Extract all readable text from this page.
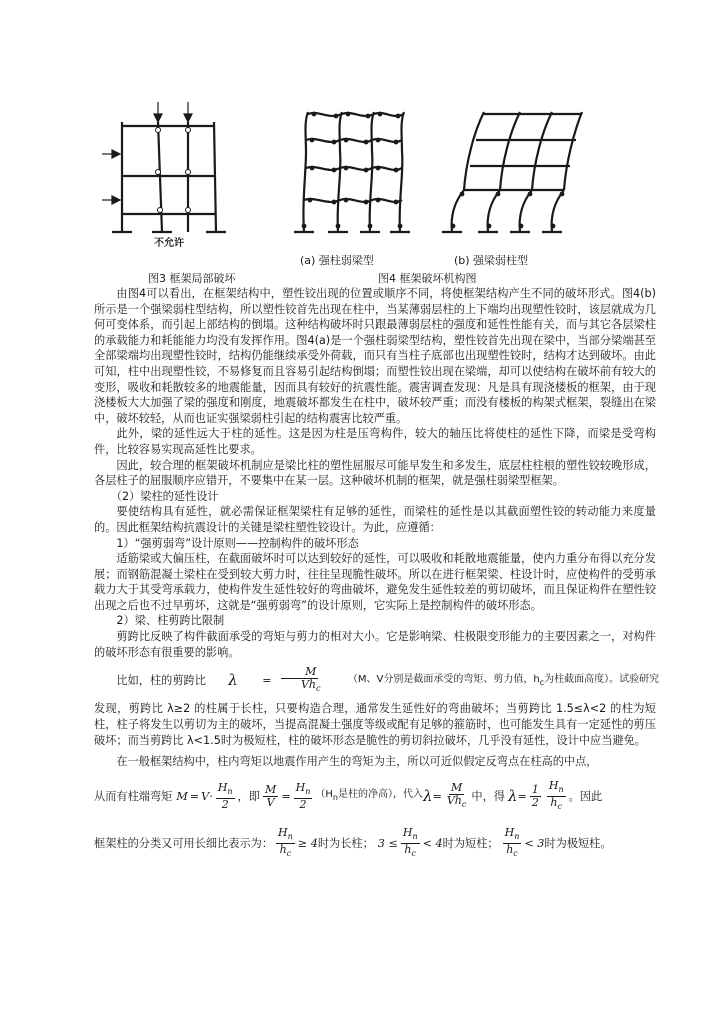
不允许
(a) 强柱弱梁型	(b) 强梁弱柱型
图3 框架局部破坏	图4 框架破坏机构图

由图4可以看出，在框架结构中，塑性铰出现的位置或顺序不同，将使框架结构产生不同的破坏形式。图4(b)所示是一个强梁弱柱型结构，所以塑性铰首先出现在柱中，当某薄弱层柱的上下端均出现塑性铰时，该层就成为几何可变体系，而引起上部结构的倒塌。这种结构破坏时只跟最薄弱层柱的强度和延性性能有关，而与其它各层梁柱的承载能力和耗能能力均没有发挥作用。图4(a)是一个强柱弱梁型结构，塑性铰首先出现在梁中，当部分梁端甚至全部梁端均出现塑性铰时，结构仍能继续承受外荷载，而只有当柱子底部也出现塑性铰时，结构才达到破坏。由此可知，柱中出现塑性铰，不易修复而且容易引起结构倒塌；而塑性铰出现在梁端，却可以使结构在破坏前有较大的变形，吸收和耗散较多的地震能量，因而具有较好的抗震性能。震害调查发现：凡是具有现浇楼板的框架，由于现浇楼板大大加强了梁的强度和刚度，地震破坏都发生在柱中，破坏较严重；而没有楼板的构架式框架，裂缝出在梁中，破坏较轻，从而也证实强梁弱柱引起的结构震害比较严重。

此外，梁的延性远大于柱的延性。这是因为柱是压弯构件，较大的轴压比将使柱的延性下降，而梁是受弯构件，比较容易实现高延性比要求。

因此，较合理的框架破坏机制应是梁比柱的塑性屈服尽可能早发生和多发生，底层柱柱根的塑性铰较晚形成，各层柱子的屈服顺序应错开，不要集中在某一层。这种破坏机制的框架，就是强柱弱梁型框架。

（2）梁柱的延性设计

要使结构具有延性，就必需保证框架梁柱有足够的延性，而梁柱的延性是以其截面塑性铰的转动能力来度量的。因此框架结构抗震设计的关键是梁柱塑性铰设计。为此，应遵循：

1）“强剪弱弯”设计原则——控制构件的破坏形态

适筋梁或大偏压柱，在截面破坏时可以达到较好的延性，可以吸收和耗散地震能量，使内力重分布得以充分发展；而钢筋混凝土梁柱在受到较大剪力时，往往呈现脆性破坏。所以在进行框架梁、柱设计时，应使构件的受剪承载力大于其受弯承载力，使构件发生延性较好的弯曲破坏，避免发生延性较差的剪切破坏，而且保证构件在塑性铰出现之后也不过早剪坏，这就是“强剪弱弯”的设计原则，它实际上是控制构件的破坏形态。

2）梁、柱剪跨比限制

剪跨比反映了构件截面承受的弯矩与剪力的相对大小。它是影响梁、柱极限变形能力的主要因素之一，对构件的破坏形态有很重要的影响。

比如，柱的剪跨比	λ	= $\frac{M}{Vh_c}$	（M、V分别是截面承受的弯矩、剪力值，$h_c$为柱截面高度）。试验研究

发现，剪跨比 λ≥2 的柱属于长柱，只要构造合理，通常发生延性好的弯曲破坏；当剪跨比 1.5≤λ<2 的柱为短柱，柱子将发生以剪切为主的破坏，当提高混凝土强度等级或配有足够的箍筋时，也可能发生具有一定延性的剪压破坏；而当剪跨比 λ<1.5时为极短柱，柱的破坏形态是脆性的剪切斜拉破坏，几乎没有延性，设计中应当避免。

在一般框架结构中，柱内弯矩以地震作用产生的弯矩为主，所以可近似假定反弯点在柱高的中点，

从而有柱端弯矩 $M = V \cdot \frac{H_n}{2}$ ，即 $\frac{M}{V} = \frac{H_n}{2} (H_n$是柱的净高），代入 $\lambda = \frac{M}{Vh_c}$ 中，得 $\lambda = \frac{1}{2} \frac{H_n}{h_c}$ 。因此

框架柱的分类又可用长细比表示为： $\frac{H_n}{h_c} \ge 4$ 时为长柱； $3 \le \frac{H_n}{h_c} < 4$ 时为短柱； $\frac{H_n}{h_c} < 3$ 时为极短柱。
